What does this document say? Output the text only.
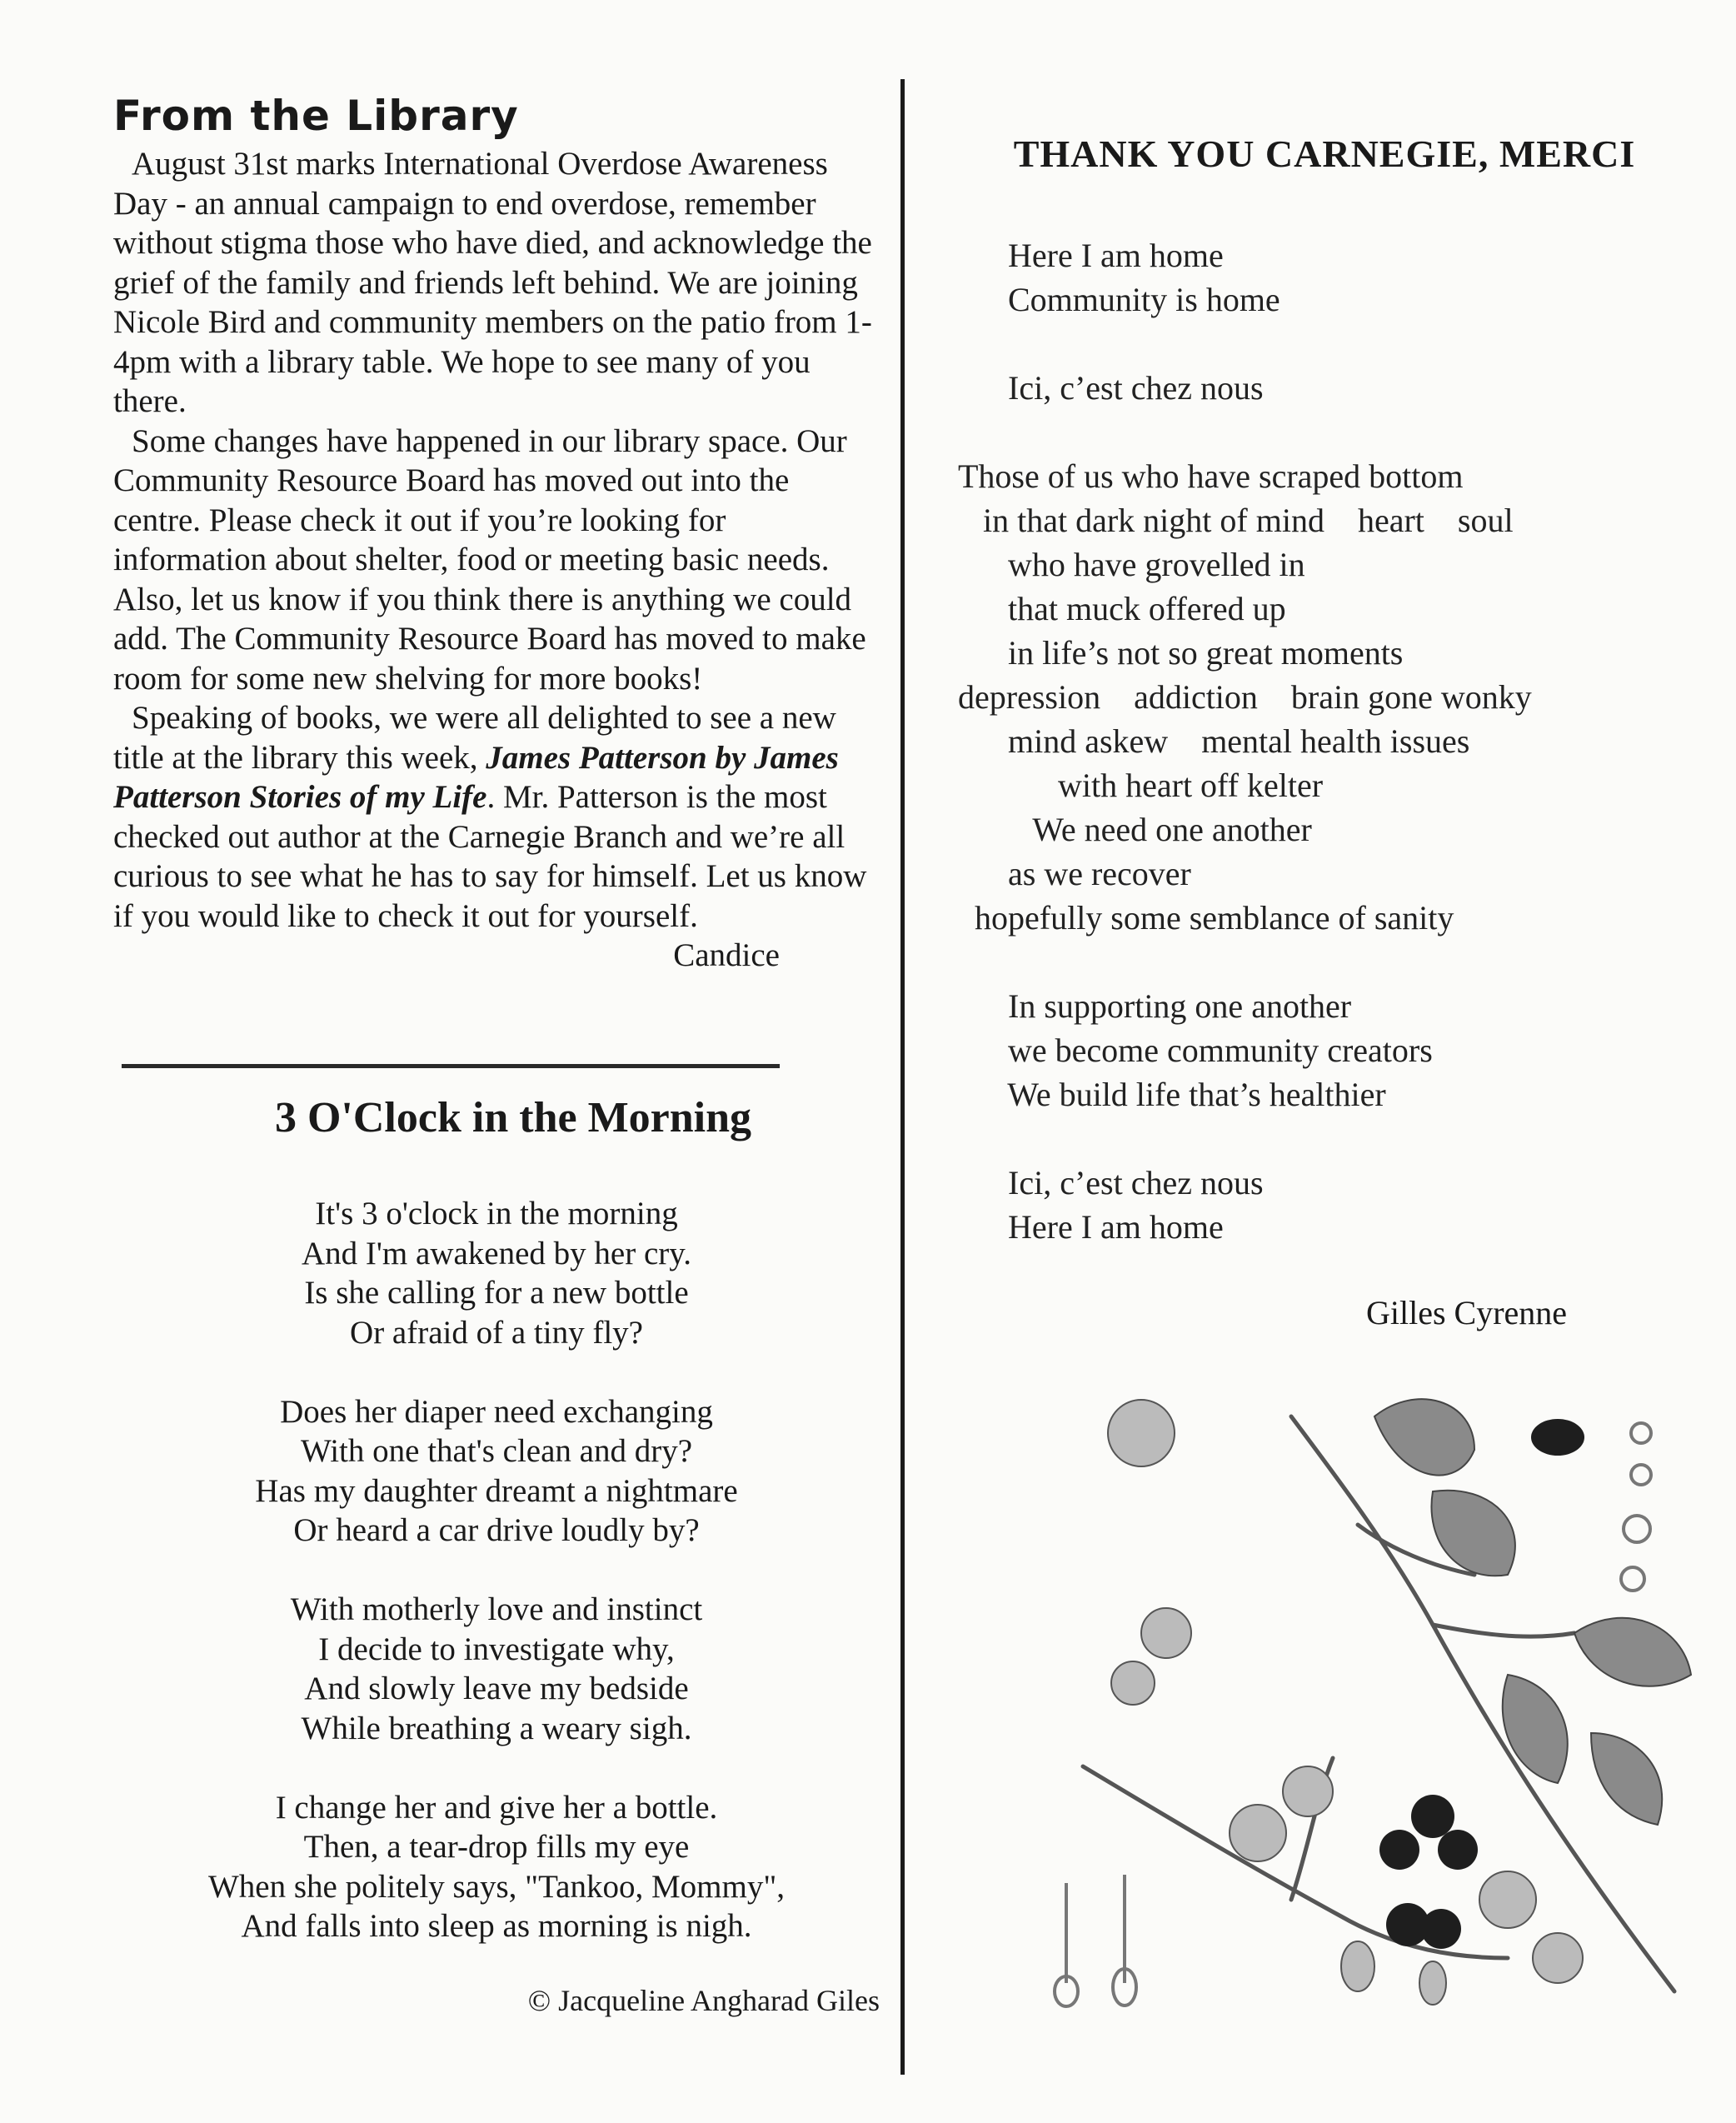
From the Library

August 31st marks International Overdose Awareness Day - an annual campaign to end overdose, remember without stigma those who have died, and acknowledge the grief of the family and friends left behind. We are joining Nicole Bird and community members on the patio from 1-4pm with a library table. We hope to see many of you there.

Some changes have happened in our library space. Our Community Resource Board has moved out into the centre. Please check it out if you’re looking for information about shelter, food or meeting basic needs. Also, let us know if you think there is anything we could add. The Community Resource Board has moved to make room for some new shelving for more books!

Speaking of books, we were all delighted to see a new title at the library this week, James Patterson by James Patterson Stories of my Life. Mr. Patterson is the most checked out author at the Carnegie Branch and we’re all curious to see what he has to say for himself. Let us know if you would like to check it out for yourself.

Candice
3 O'Clock in the Morning
It's 3 o'clock in the morning
And I'm awakened by her cry.
Is she calling for a new bottle
Or afraid of a tiny fly?
Does her diaper need exchanging
With one that's clean and dry?
Has my daughter dreamt a nightmare
Or heard a car drive loudly by?
With motherly love and instinct
I decide to investigate why,
And slowly leave my bedside
While breathing a weary sigh.
I change her and give her a bottle.
Then, a tear-drop fills my eye
When she politely says, "Tankoo, Mommy",
And falls into sleep as morning is nigh.
© Jacqueline Angharad Giles
THANK YOU CARNEGIE, MERCI
Here I am home
Community is home
Ici, c’est chez nous
Those of us who have scraped bottom
in that dark night of mind    heart    soul
who have grovelled in
that muck offered up
in life’s not so great moments
depression    addiction    brain gone wonky
mind askew    mental health issues
with heart off kelter
We need one another
as we recover
hopefully some semblance of sanity
In supporting one another
we become community creators
We build life that’s healthier
Ici, c’est chez nous
Here I am home
Gilles Cyrenne
